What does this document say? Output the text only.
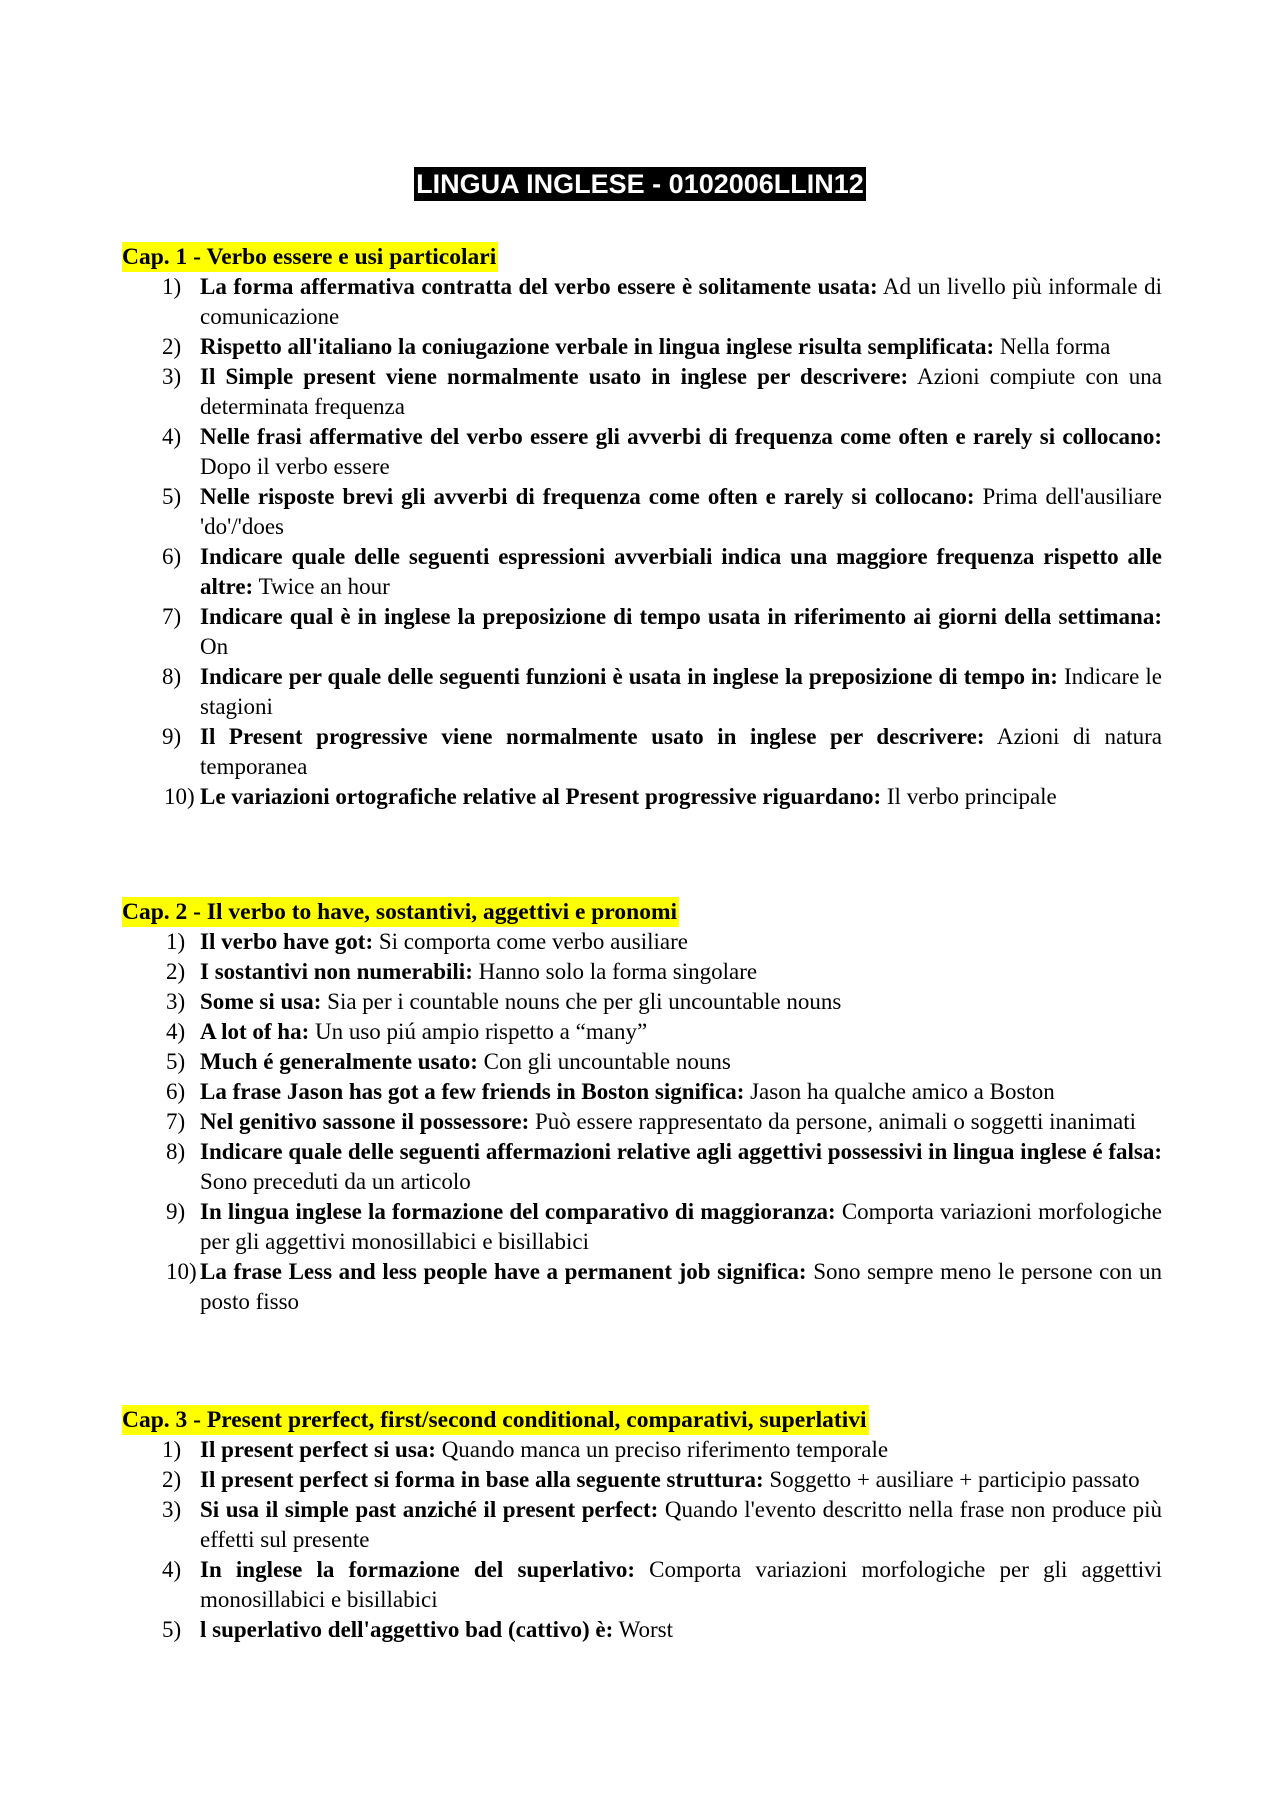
LINGUA INGLESE - 0102006LLIN12
Cap. 1 - Verbo essere e usi particolari
1) La forma affermativa contratta del verbo essere è solitamente usata: Ad un livello più informale di comunicazione
2) Rispetto all'italiano la coniugazione verbale in lingua inglese risulta semplificata: Nella forma
3) Il Simple present viene normalmente usato in inglese per descrivere: Azioni compiute con una determinata frequenza
4) Nelle frasi affermative del verbo essere gli avverbi di frequenza come often e rarely si collocano: Dopo il verbo essere
5) Nelle risposte brevi gli avverbi di frequenza come often e rarely si collocano: Prima dell'ausiliare 'do'/'does
6) Indicare quale delle seguenti espressioni avverbiali indica una maggiore frequenza rispetto alle altre: Twice an hour
7) Indicare qual è in inglese la preposizione di tempo usata in riferimento ai giorni della settimana: On
8) Indicare per quale delle seguenti funzioni è usata in inglese la preposizione di tempo in: Indicare le stagioni
9) Il Present progressive viene normalmente usato in inglese per descrivere: Azioni di natura temporanea
10) Le variazioni ortografiche relative al Present progressive riguardano: Il verbo principale
Cap. 2 - Il verbo to have, sostantivi, aggettivi e pronomi
1) Il verbo have got: Si comporta come verbo ausiliare
2) I sostantivi non numerabili: Hanno solo la forma singolare
3) Some si usa: Sia per i countable nouns che per gli uncountable nouns
4) A lot of ha: Un uso piú ampio rispetto a “many”
5) Much é generalmente usato: Con gli uncountable nouns
6) La frase Jason has got a few friends in Boston significa: Jason ha qualche amico a Boston
7) Nel genitivo sassone il possessore: Può essere rappresentato da persone, animali o soggetti inanimati
8) Indicare quale delle seguenti affermazioni relative agli aggettivi possessivi in lingua inglese é falsa: Sono preceduti da un articolo
9) In lingua inglese la formazione del comparativo di maggioranza: Comporta variazioni morfologiche per gli aggettivi monosillabici e bisillabici
10) La frase Less and less people have a permanent job significa: Sono sempre meno le persone con un posto fisso
Cap. 3 - Present prerfect, first/second conditional, comparativi, superlativi
1) Il present perfect si usa: Quando manca un preciso riferimento temporale
2) Il present perfect si forma in base alla seguente struttura: Soggetto + ausiliare + participio passato
3) Si usa il simple past anziché il present perfect: Quando l'evento descritto nella frase non produce più effetti sul presente
4) In inglese la formazione del superlativo: Comporta variazioni morfologiche per gli aggettivi monosillabici e bisillabici
5) l superlativo dell'aggettivo bad (cattivo) è: Worst
